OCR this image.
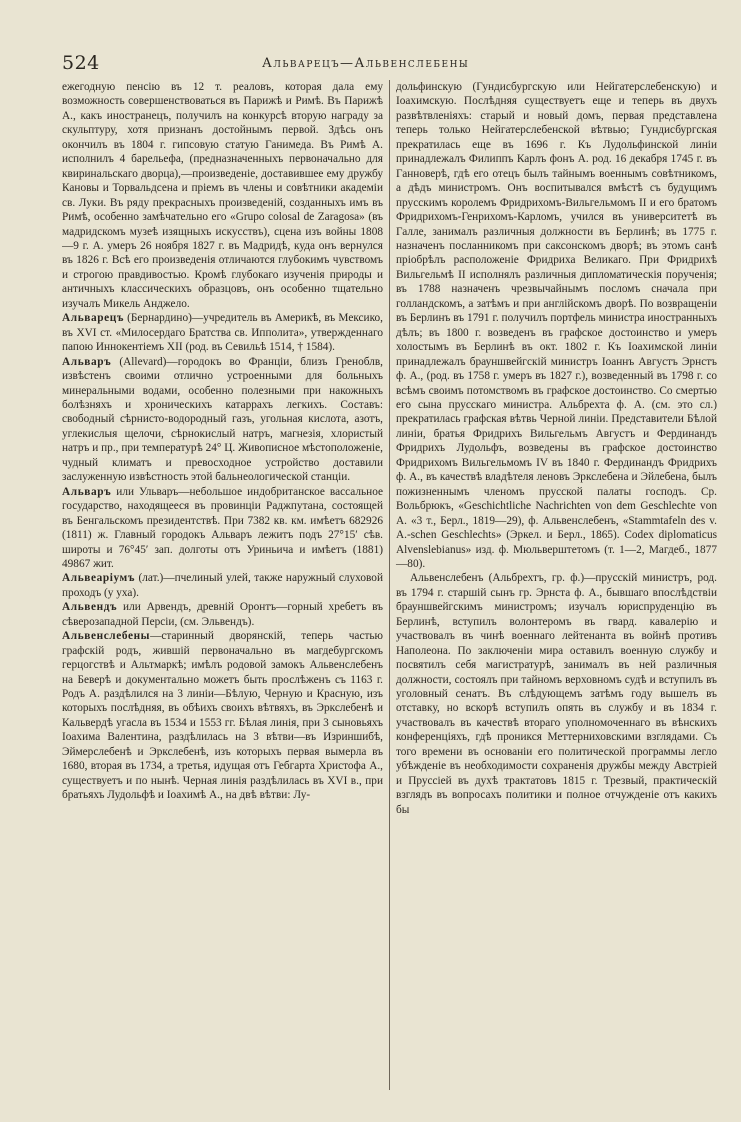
524	Альварецъ—Альвенслебены

ежегодную пенсію въ 12 т. реаловъ, которая дала ему возможность совершенствоваться въ Парижѣ и Римѣ. Въ Парижѣ А., какъ иностранецъ, получилъ на конкурсѣ вторую награду за скульптуру, хотя признанъ достойнымъ первой. Здѣсь онъ окончилъ въ 1804 г. гипсовую статую Ганимеда. Въ Римѣ А. исполнилъ 4 барельефа, (предназначенныхъ первоначально для квиринальскаго дворца),—произведеніе, доставившее ему дружбу Кановы и Торвальдсена и пріемъ въ члены и совѣтники академіи св. Луки. Въ ряду прекрасныхъ произведеній, созданныхъ имъ въ Римѣ, особенно замѣчательно его «Grupo colosal de Zaragosa» (въ мадридскомъ музеѣ изящныхъ искусствъ), сцена изъ войны 1808—9 г. А. умеръ 26 ноября 1827 г. въ Мадридѣ, куда онъ вернулся въ 1826 г. Всѣ его произведенія отличаются глубокимъ чувствомъ и строгою правдивостью. Кромѣ глубокаго изученія природы и античныхъ классическихъ образцовъ, онъ особенно тщательно изучалъ Микель Анджело.

Альварецъ (Бернардино)—учредитель въ Америкѣ, въ Мексико, въ XVI ст. «Милосердаго Братства св. Ипполита», утвержденнаго папою Иннокентіемъ XII (род. въ Севильѣ 1514, † 1584).

Альваръ (Allevard)—городокъ во Франціи, близъ Греноблв, извѣстенъ своими отлично устроенными для больныхъ минеральными водами, особенно полезными при накожныхъ болѣзняхъ и хроническихъ катаррахъ легкихъ. Составъ: свободный сѣрнисто-водородный газъ, угольная кислота, азотъ, углекислыя щелочи, сѣрнокислый натръ, магнезія, хлористый натръ и пр., при температурѣ 24° Ц. Живописное мѣстоположеніе, чудный климатъ и превосходное устройство доставили заслуженную извѣстность этой бальнеологической станціи.

Альваръ или Ульваръ—небольшое индобританское вассальное государство, находящееся въ провинціи Раджпутана, состоящей въ Бенгальскомъ президентствѣ. При 7382 кв. км. имѣетъ 682926 (1811) ж. Главный городокъ Альваръ лежитъ подъ 27°15′ сѣв. широты и 76°45′ зап. долготы отъ Уриньича и имѣетъ (1881) 49867 жит.

Альвеаріумъ (лат.)—пчелиный улей, также наружный слуховой проходъ (у уха).

Альвендъ или Арвендъ, древній Оронтъ—горный хребетъ въ сѣверозападной Персіи, (см. Эльвендъ).

Альвенслебены—старинный дворянскій, теперь частью графскій родъ, жившій первоначально въ магдебургскомъ герцогствѣ и Альтмаркѣ; имѣлъ родовой замокъ Альвенслебенъ на Беверѣ и документально можетъ быть прослѣженъ съ 1163 г. Родъ А. раздѣлился на 3 линіи—Бѣлую, Черную и Красную, изъ которыхъ послѣдняя, въ обѣихъ своихъ вѣтвяхъ, въ Эркслебенѣ и Кальвердѣ угасла въ 1534 и 1553 гг. Бѣлая линія, при 3 сыновьяхъ Іоахима Валентина, раздѣлилась на 3 вѣтви—въ Изриншибѣ, Эймерслебенѣ и Эркслебенѣ, изъ которыхъ первая вымерла въ 1680, вторая въ 1734, а третья, идущая отъ Гебгарта Христофа А., существуетъ и по нынѣ. Черная линія раздѣлилась въ XVI в., при братьяхъ Лудольфѣ и Іоахимѣ А., на двѣ вѣтви: Лу-

дольфинскую (Гундисбургскую или Нейгатерслебенскую) и Іоахимскую. Послѣдняя существуетъ еще и теперь въ двухъ развѣтвленіяхъ: старый и новый домъ, первая представлена теперь только Нейгатерслебенской вѣтвью; Гундисбургская прекратилась еще въ 1696 г. Къ Лудольфинской линіи принадлежалъ Филиппъ Карлъ фонъ А. род. 16 декабря 1745 г. въ Ганноверѣ, гдѣ его отецъ былъ тайнымъ военнымъ совѣтникомъ, а дѣдъ министромъ. Онъ воспитывался вмѣстѣ съ будущимъ прусскимъ королемъ Фридрихомъ-Вильгельмомъ II и его братомъ Фридрихомъ-Генрихомъ-Карломъ, учился въ университетѣ въ Галле, занималъ различныя должности въ Берлинѣ; въ 1775 г. назначенъ посланникомъ при саксонскомъ дворѣ; въ этомъ санѣ пріобрѣлъ расположеніе Фридриха Великаго. При Фридрихѣ Вильгельмѣ II исполнялъ различныя дипломатическія порученія; въ 1788 назначенъ чрезвычайнымъ посломъ сначала при голландскомъ, а затѣмъ и при англійскомъ дворѣ. По возвращеніи въ Берлинъ въ 1791 г. получилъ портфель министра иностранныхъ дѣлъ; въ 1800 г. возведенъ въ графское достоинство и умеръ холостымъ въ Берлинѣ въ окт. 1802 г. Къ Іоахимской линіи принадлежалъ брауншвейгскій министръ Іоаннъ Августъ Эрнстъ ф. А., (род. въ 1758 г. умеръ въ 1827 г.), возведенный въ 1798 г. со всѣмъ своимъ потомствомъ въ графское достоинство. Со смертью его сына прусскаго министра. Альбрехта ф. А. (см. это сл.) прекратилась графская вѣтвь Черной линіи. Представители Бѣлой линіи, братья Фридрихъ Вильгельмъ Августъ и Фердинандъ Фридрихъ Лудольфъ, возведены въ графское достоинство Фридрихомъ Вильгельмомъ IV въ 1840 г. Фердинандъ Фридрихъ ф. А., въ качествѣ владѣтеля леновъ Эркслебена и Эйлебена, былъ пожизненнымъ членомъ прусской палаты господъ. Ср. Вольбрюкъ, «Geschichtliche Nachrichten von dem Geschlechte von A. «3 т., Берл., 1819—29), ф. Альвенслебенъ, «Stammtafeln des v. A.-schen Geschlechts» (Эркел. и Берл., 1865). Codex diplomaticus Alvenslebianus» изд. ф. Мюльверштетомъ (т. 1—2, Магдеб., 1877—80).

Альвенслебенъ (Альбрехтъ, гр. ф.)—прусскій министръ, род. въ 1794 г. старшій сынъ гр. Эрнста ф. А., бывшаго впослѣдствіи брауншвейгскимъ министромъ; изучалъ юриспруденцію въ Берлинѣ, вступилъ волонтеромъ въ гвард. кавалерію и участвовалъ въ чинѣ военнаго лейтенанта въ войнѣ противъ Наполеона. По заключеніи мира оставилъ военную службу и посвятилъ себя магистратурѣ, занималъ въ ней различныя должности, состоялъ при тайномъ верховномъ судѣ и вступилъ въ уголовный сенатъ. Въ слѣдующемъ затѣмъ году вышелъ въ отставку, но вскорѣ вступилъ опять въ службу и въ 1834 г. участвовалъ въ качествѣ втораго уполномоченнаго въ вѣнскихъ конференціяхъ, гдѣ проникся Меттерниховскими взглядами. Съ того времени въ основаніи его политической программы легло убѣжденіе въ необходимости сохраненія дружбы между Австріей и Пруссіей въ духѣ трактатовъ 1815 г. Трезвый, практическій взглядъ въ вопросахъ политики и полное отчужденіе отъ какихъ бы
